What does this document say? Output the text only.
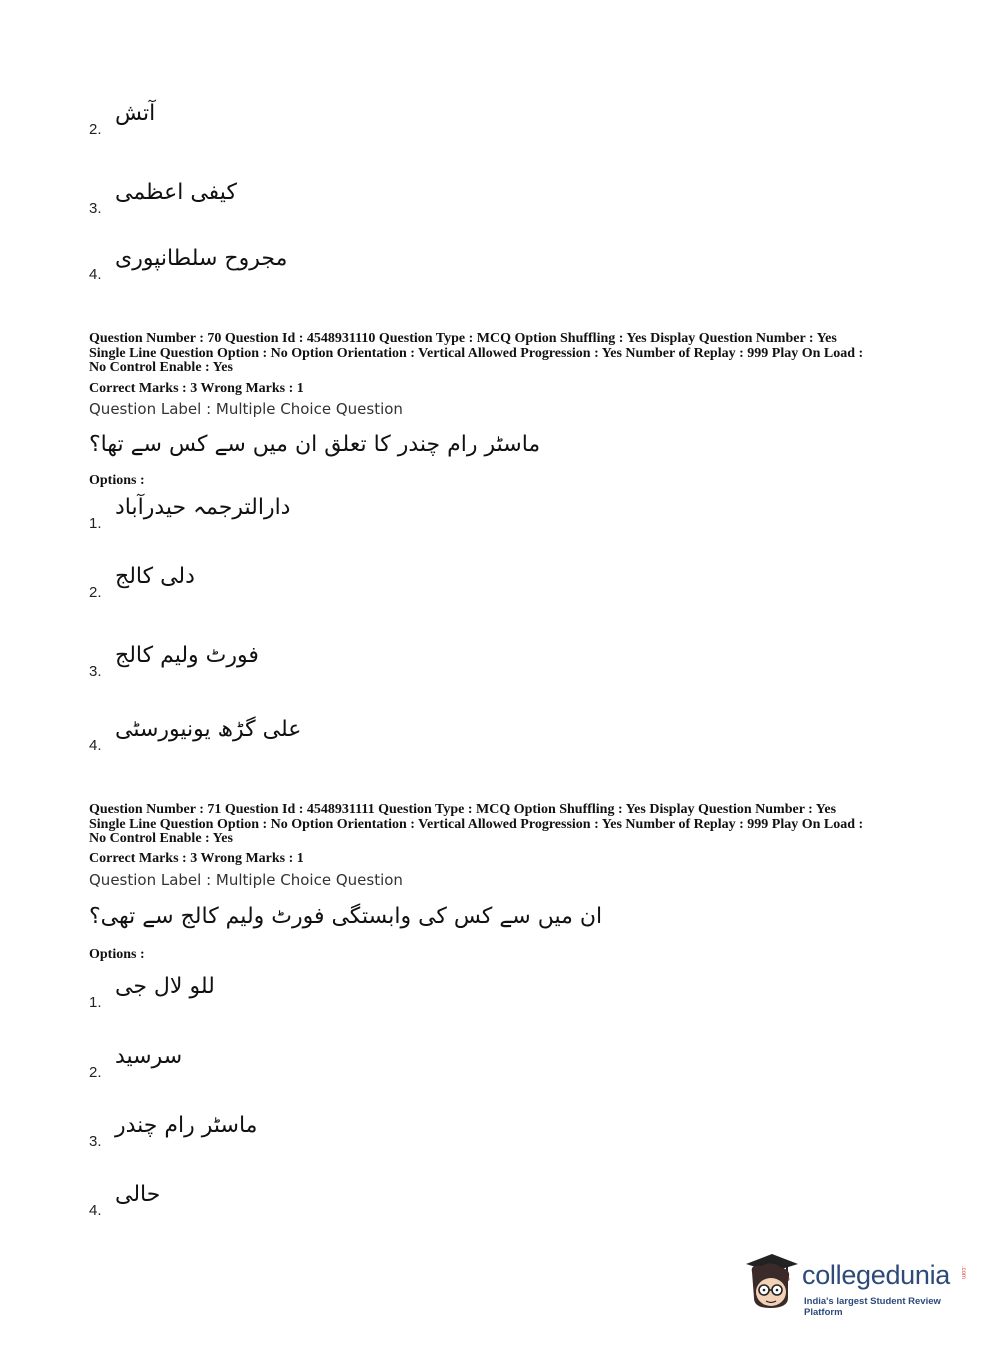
2.
آتش
3.
کیفی اعظمی
4.
مجروح سلطانپوری
Question Number : 70 Question Id : 4548931110 Question Type : MCQ Option Shuffling : Yes Display Question Number : Yes
Single Line Question Option : No Option Orientation : Vertical Allowed Progression : Yes Number of Replay : 999 Play On Load :
No Control Enable : Yes
Correct Marks : 3 Wrong Marks : 1
Question Label : Multiple Choice Question
ماسٹر رام چندر کا تعلق ان میں سے کس سے تھا؟
Options :
1.
دارالترجمہ حیدرآباد
2.
دلی کالج
3.
فورٹ ولیم کالج
4.
علی گڑھ یونیورسٹی
Question Number : 71 Question Id : 4548931111 Question Type : MCQ Option Shuffling : Yes Display Question Number : Yes
Single Line Question Option : No Option Orientation : Vertical Allowed Progression : Yes Number of Replay : 999 Play On Load :
No Control Enable : Yes
Correct Marks : 3 Wrong Marks : 1
Question Label : Multiple Choice Question
ان میں سے کس کی وابستگی فورٹ ولیم کالج سے تھی؟
Options :
1.
للو لال جی
2.
سرسید
3.
ماسٹر رام چندر
4.
حالی
collegedunia .com
India's largest Student Review Platform
